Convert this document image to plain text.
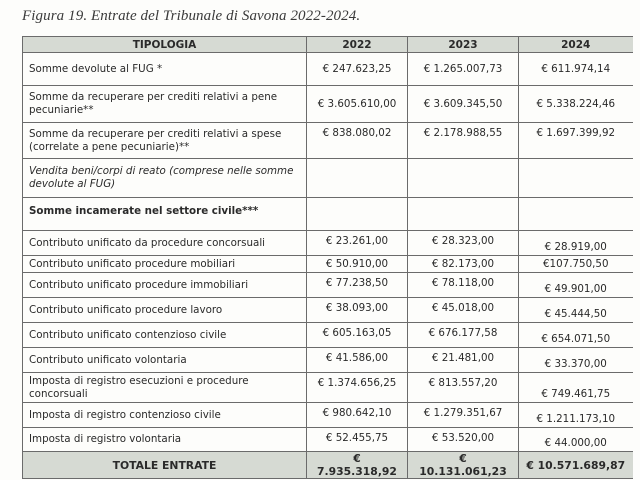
Figura 19. Entrate del Tribunale di Savona 2022-2024.
TIPOLOGIA	2022	2023	2024
Somme devolute al FUG *	€ 247.623,25	€ 1.265.007,73	€ 611.974,14
Somme da recuperare per crediti relativi a pene pecuniarie**	€ 3.605.610,00	€ 3.609.345,50	€ 5.338.224,46
Somme da recuperare per crediti relativi a spese (correlate a pene pecuniarie)**	€ 838.080,02	€ 2.178.988,55	€ 1.697.399,92
Vendita beni/corpi di reato (comprese nelle somme devolute al FUG)			
Somme incamerate nel settore civile***			
Contributo unificato da procedure concorsuali	€ 23.261,00	€ 28.323,00	€ 28.919,00
Contributo unificato procedure mobiliari	€ 50.910,00	€ 82.173,00	€107.750,50
Contributo unificato procedure immobiliari	€ 77.238,50	€ 78.118,00	€ 49.901,00
Contributo unificato procedure lavoro	€ 38.093,00	€ 45.018,00	€ 45.444,50
Contributo unificato contenzioso civile	€ 605.163,05	€ 676.177,58	€ 654.071,50
Contributo unificato volontaria	€ 41.586,00	€ 21.481,00	€ 33.370,00
Imposta di registro esecuzioni e procedure concorsuali	€ 1.374.656,25	€ 813.557,20	€ 749.461,75
Imposta di registro contenzioso civile	€ 980.642,10	€ 1.279.351,67	€ 1.211.173,10
Imposta di registro volontaria	€ 52.455,75	€ 53.520,00	€ 44.000,00
TOTALE ENTRATE	€ 7.935.318,92	€ 10.131.061,23	€ 10.571.689,87
